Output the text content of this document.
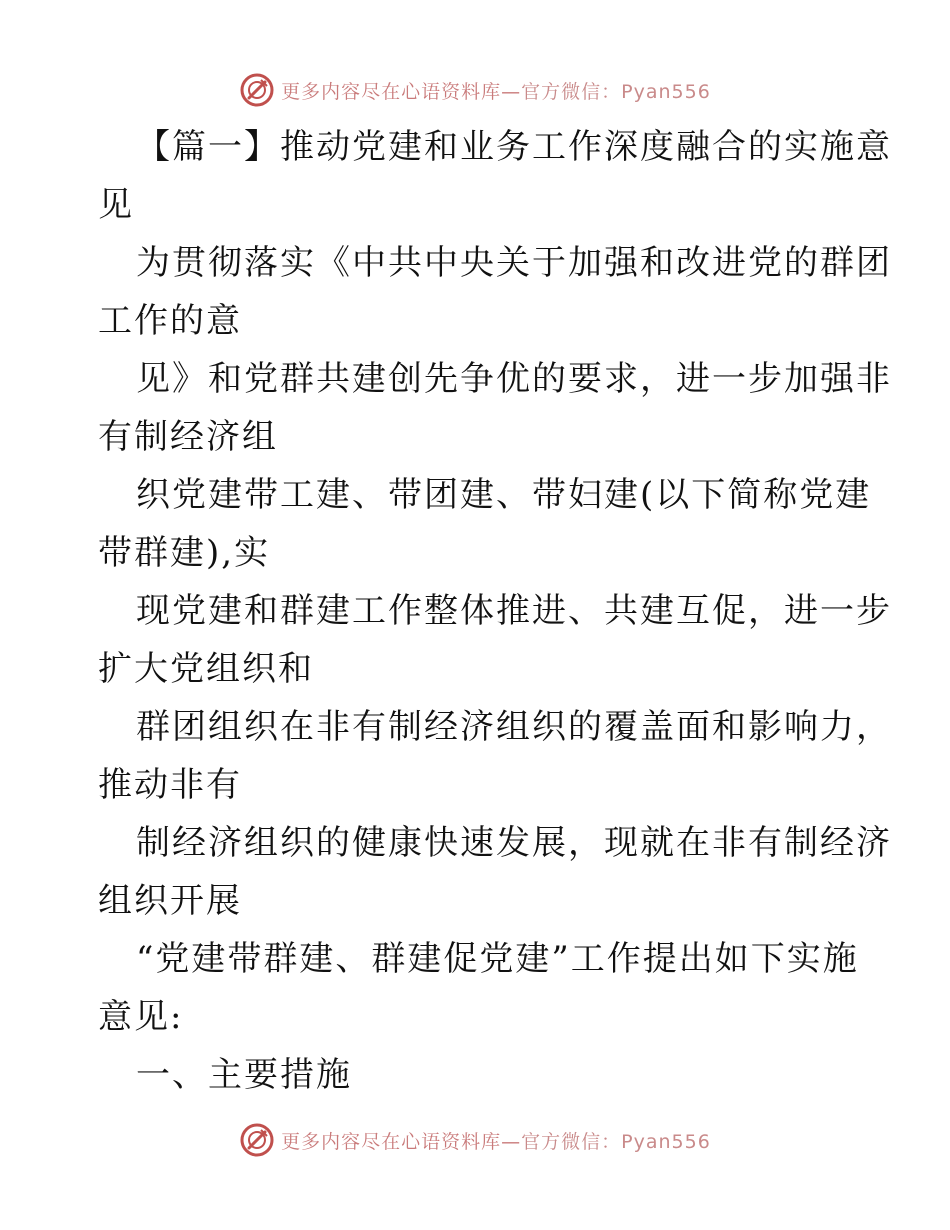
更多内容尽在心语资料库—官方微信：Pyan556
【篇一】推动党建和业务工作深度融合的实施意
见
为贯彻落实《中共中央关于加强和改进党的群团
工作的意
见》和党群共建创先争优的要求，进一步加强非
有制经济组
织党建带工建、带团建、带妇建(以下简称党建
带群建),实
现党建和群建工作整体推进、共建互促，进一步
扩大党组织和
群团组织在非有制经济组织的覆盖面和影响力，
推动非有
制经济组织的健康快速发展，现就在非有制经济
组织开展
“党建带群建、群建促党建”工作提出如下实施
意见:
一、主要措施
更多内容尽在心语资料库—官方微信：Pyan556
